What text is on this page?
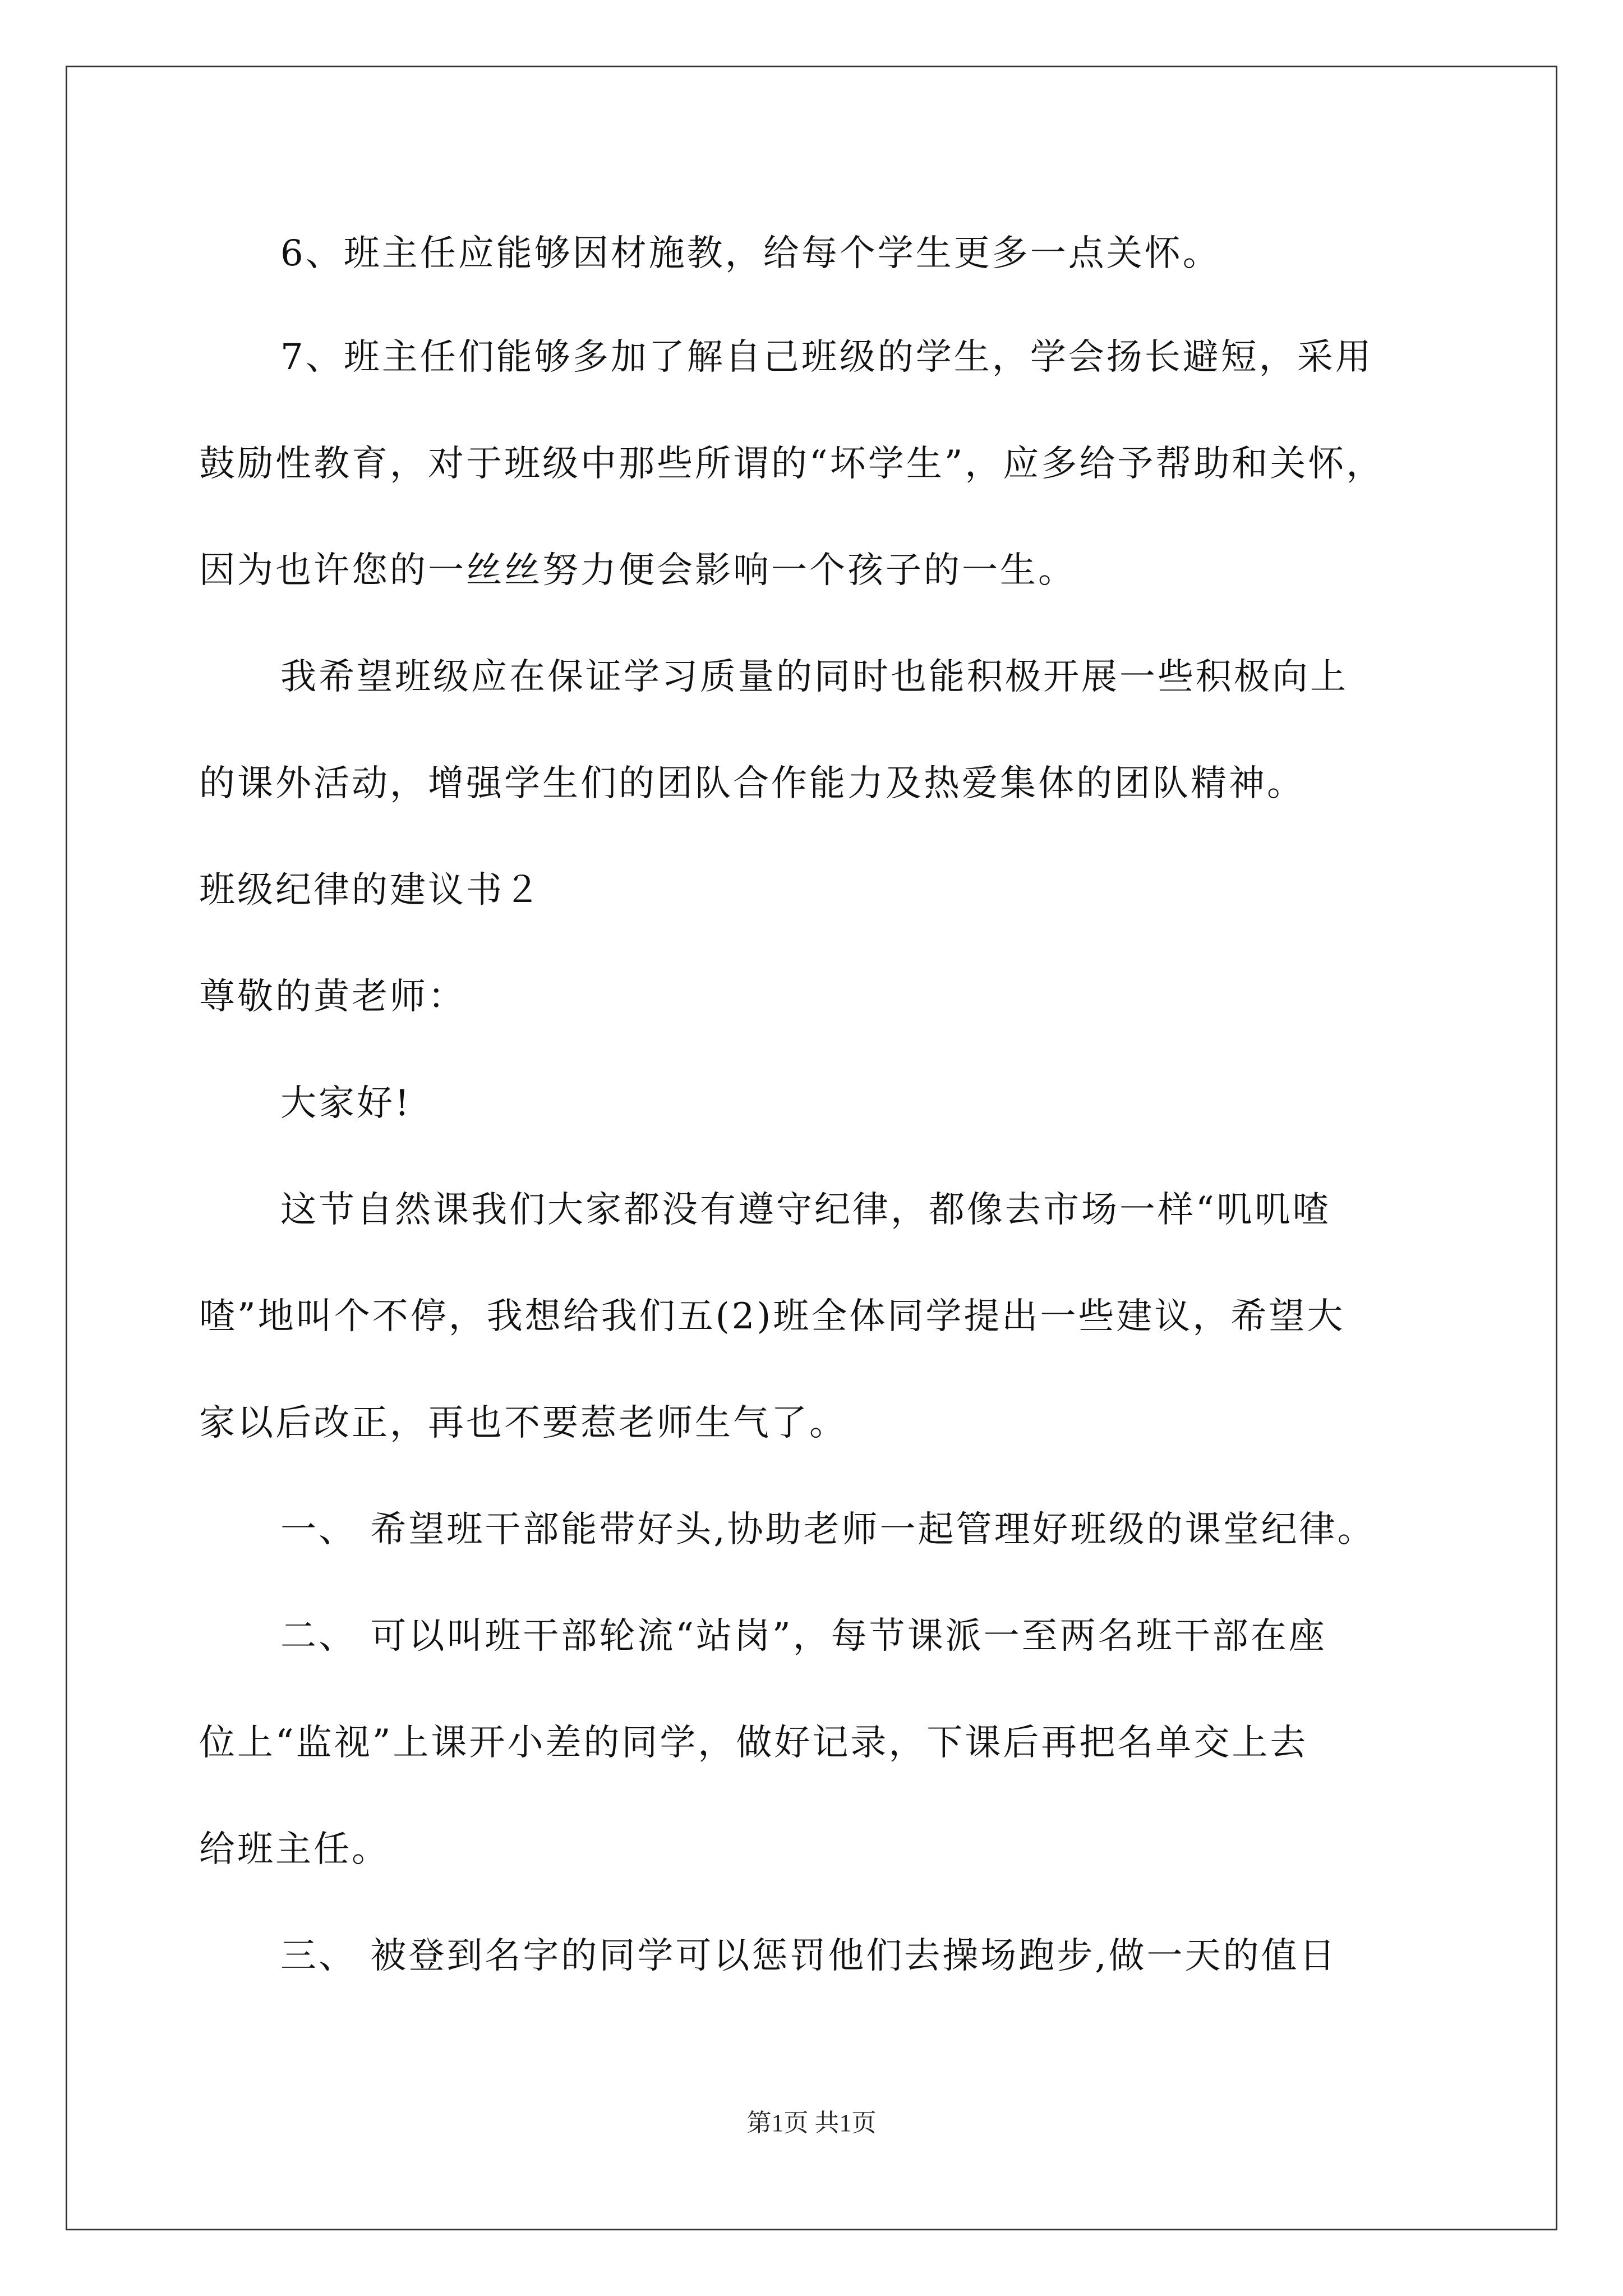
6、班主任应能够因材施教，给每个学生更多一点关怀。
7、班主任们能够多加了解自己班级的学生，学会扬长避短，采用
鼓励性教育，对于班级中那些所谓的“坏学生”，应多给予帮助和关怀，
因为也许您的一丝丝努力便会影响一个孩子的一生。
我希望班级应在保证学习质量的同时也能积极开展一些积极向上
的课外活动，增强学生们的团队合作能力及热爱集体的团队精神。
班级纪律的建议书２
尊敬的黄老师：
大家好!
这节自然课我们大家都没有遵守纪律，都像去市场一样“叽叽喳
喳”地叫个不停，我想给我们五(2)班全体同学提出一些建议，希望大
家以后改正，再也不要惹老师生气了。
一、 希望班干部能带好头,协助老师一起管理好班级的课堂纪律。
二、 可以叫班干部轮流“站岗”，每节课派一至两名班干部在座
位上“监视”上课开小差的同学，做好记录，下课后再把名单交上去
给班主任。
三、 被登到名字的同学可以惩罚他们去操场跑步,做一天的值日
第1页 共1页
